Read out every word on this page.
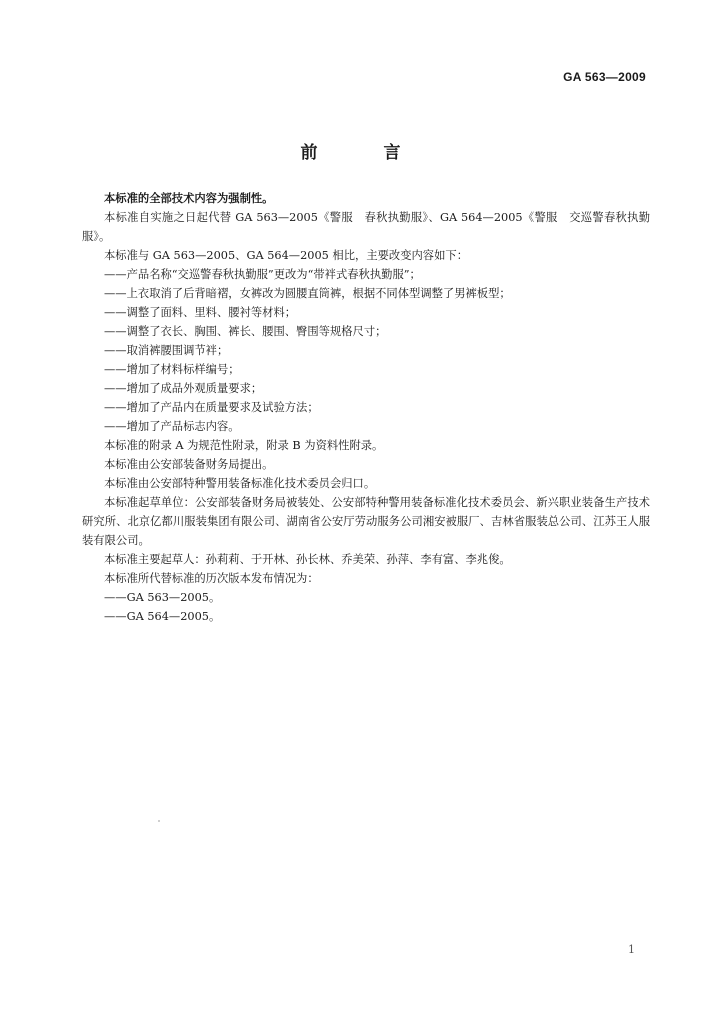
GA 563—2009
前 言

本标准的全部技术内容为强制性。

本标准自实施之日起代替 GA 563—2005《警服　春秋执勤服》、GA 564—2005《警服　交巡警春秋执勤服》。

本标准与 GA 563—2005、GA 564—2005 相比，主要改变内容如下：

——产品名称“交巡警春秋执勤服”更改为“带袢式春秋执勤服”；

——上衣取消了后背暗褶，女裤改为圆腰直筒裤，根据不同体型调整了男裤板型；

——调整了面料、里料、腰衬等材料；

——调整了衣长、胸围、裤长、腰围、臀围等规格尺寸；

——取消裤腰围调节袢；

——增加了材料标样编号；

——增加了成品外观质量要求；

——增加了产品内在质量要求及试验方法；

——增加了产品标志内容。

本标准的附录 A 为规范性附录，附录 B 为资料性附录。

本标准由公安部装备财务局提出。

本标准由公安部特种警用装备标准化技术委员会归口。

本标准起草单位：公安部装备财务局被装处、公安部特种警用装备标准化技术委员会、新兴职业装备生产技术研究所、北京亿都川服装集团有限公司、湖南省公安厅劳动服务公司湘安被服厂、吉林省服装总公司、江苏王人服装有限公司。

本标准主要起草人：孙莉莉、于开林、孙长林、乔美荣、孙萍、李有富、李兆俊。

本标准所代替标准的历次版本发布情况为：

——GA 563—2005。

——GA 564—2005。

1
